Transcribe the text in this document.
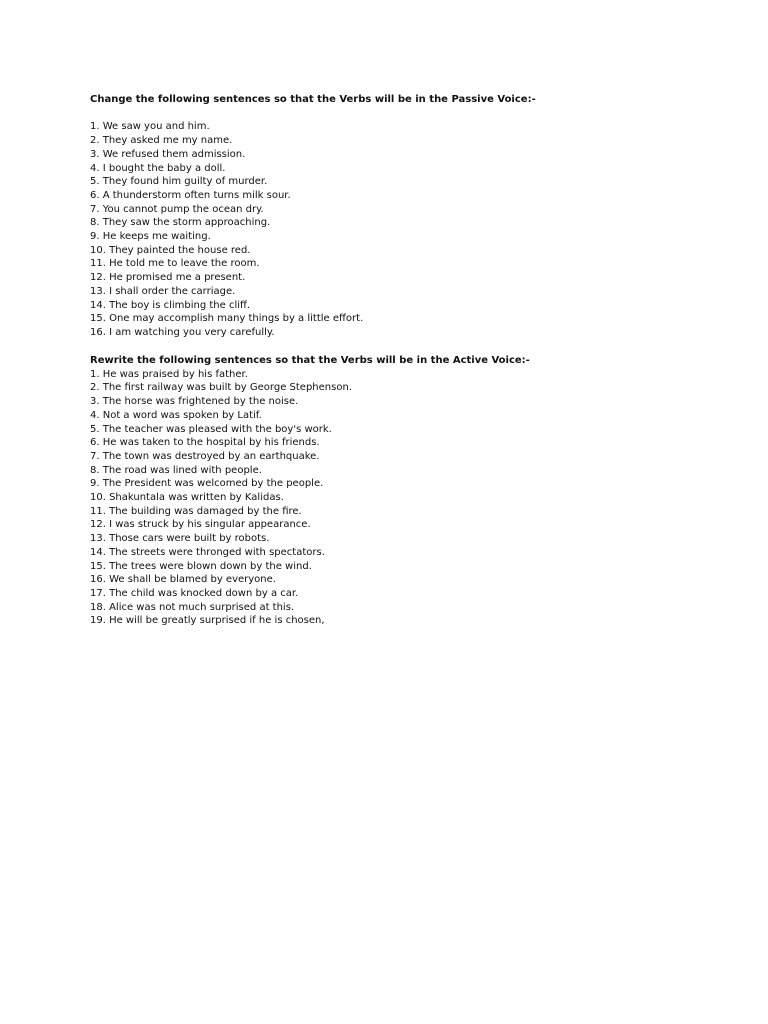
Change the following sentences so that the Verbs will be in the Passive Voice:-
1. We saw you and him.
2. They asked me my name.
3. We refused them admission.
4. I bought the baby a doll.
5. They found him guilty of murder.
6. A thunderstorm often turns milk sour.
7. You cannot pump the ocean dry.
8. They saw the storm approaching.
9. He keeps me waiting.
10. They painted the house red.
11. He told me to leave the room.
12. He promised me a present.
13. I shall order the carriage.
14. The boy is climbing the cliff.
15. One may accomplish many things by a little effort.
16. I am watching you very carefully.
Rewrite the following sentences so that the Verbs will be in the Active Voice:-
1. He was praised by his father.
2. The first railway was built by George Stephenson.
3. The horse was frightened by the noise.
4. Not a word was spoken by Latif.
5. The teacher was pleased with the boy's work.
6. He was taken to the hospital by his friends.
7. The town was destroyed by an earthquake.
8. The road was lined with people.
9. The President was welcomed by the people.
10. Shakuntala was written by Kalidas.
11. The building was damaged by the fire.
12. I was struck by his singular appearance.
13. Those cars were built by robots.
14. The streets were thronged with spectators.
15. The trees were blown down by the wind.
16. We shall be blamed by everyone.
17. The child was knocked down by a car.
18. Alice was not much surprised at this.
19. He will be greatly surprised if he is chosen,
